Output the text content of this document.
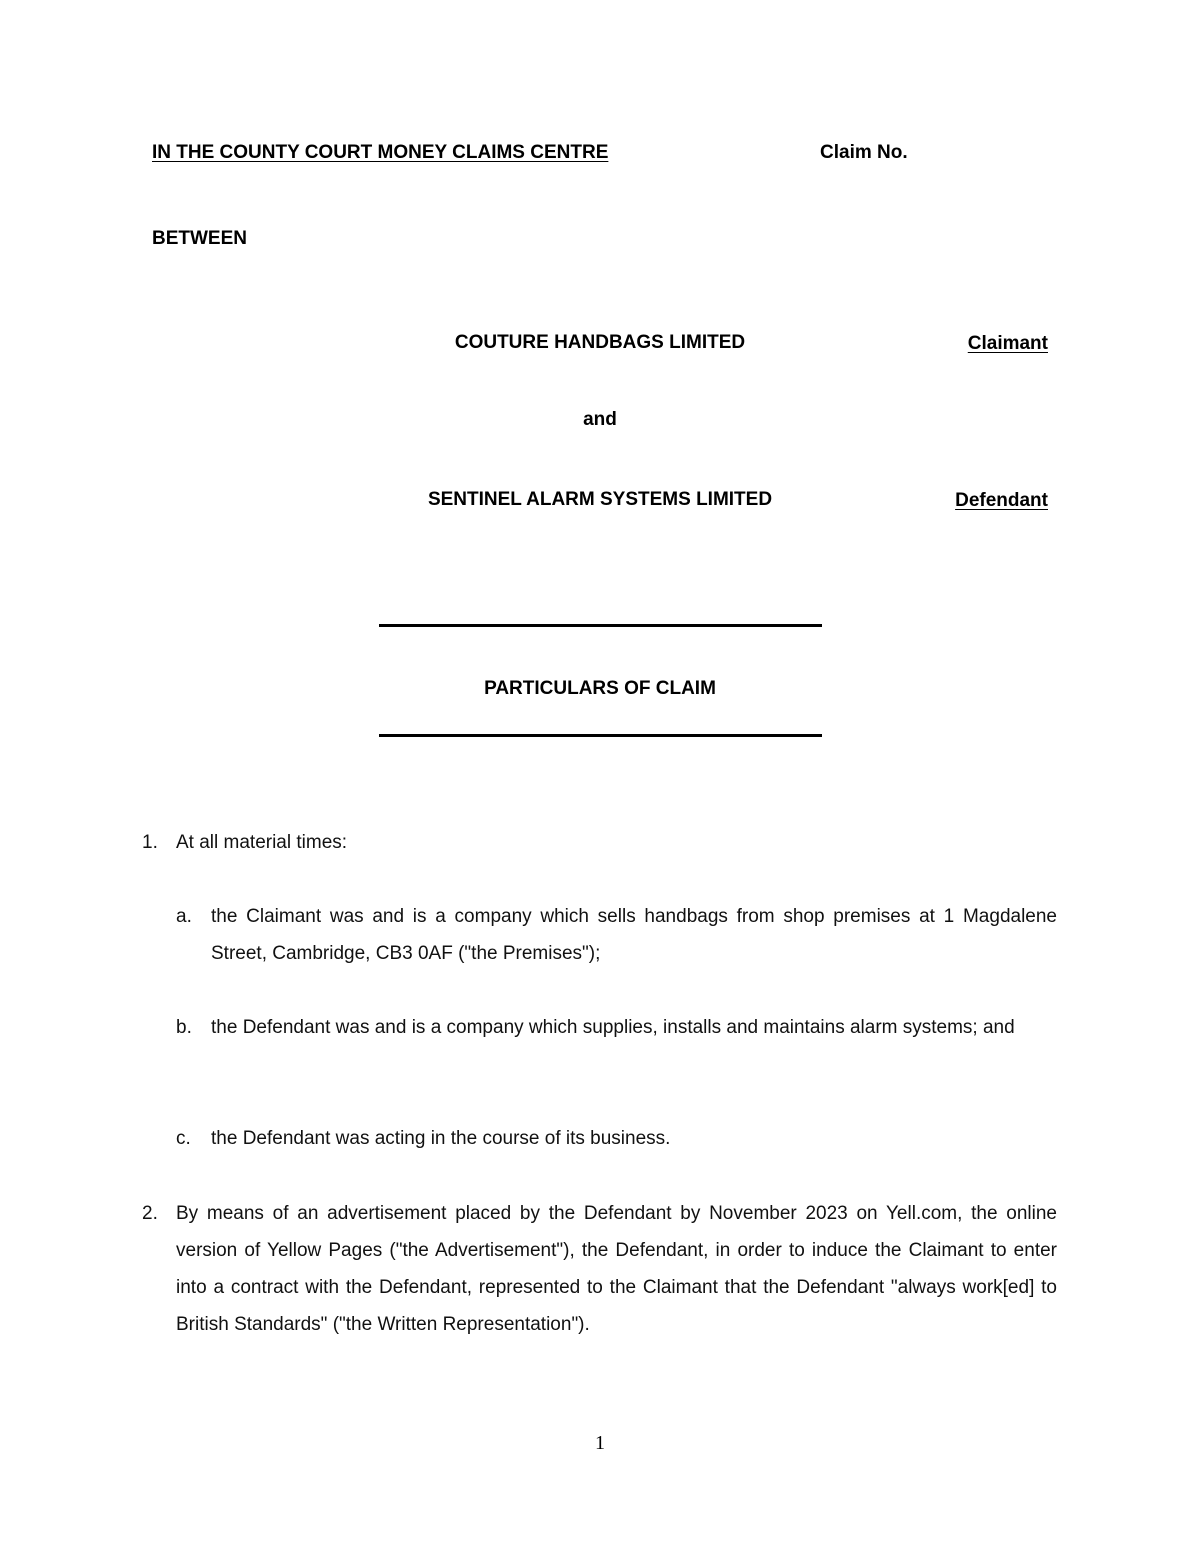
IN THE COUNTY COURT MONEY CLAIMS CENTRE	Claim No.
BETWEEN
COUTURE HANDBAGS LIMITED	Claimant
and
SENTINEL ALARM SYSTEMS LIMITED	Defendant
PARTICULARS OF CLAIM
1. At all material times:
a.	the Claimant was and is a company which sells handbags from shop premises at 1 Magdalene Street, Cambridge, CB3 0AF ("the Premises");
b.	the Defendant was and is a company which supplies, installs and maintains alarm systems; and
c.	the Defendant was acting in the course of its business.
2. By means of an advertisement placed by the Defendant by November 2023 on Yell.com, the online version of Yellow Pages ("the Advertisement"), the Defendant, in order to induce the Claimant to enter into a contract with the Defendant, represented to the Claimant that the Defendant "always work[ed] to British Standards" ("the Written Representation").
1
